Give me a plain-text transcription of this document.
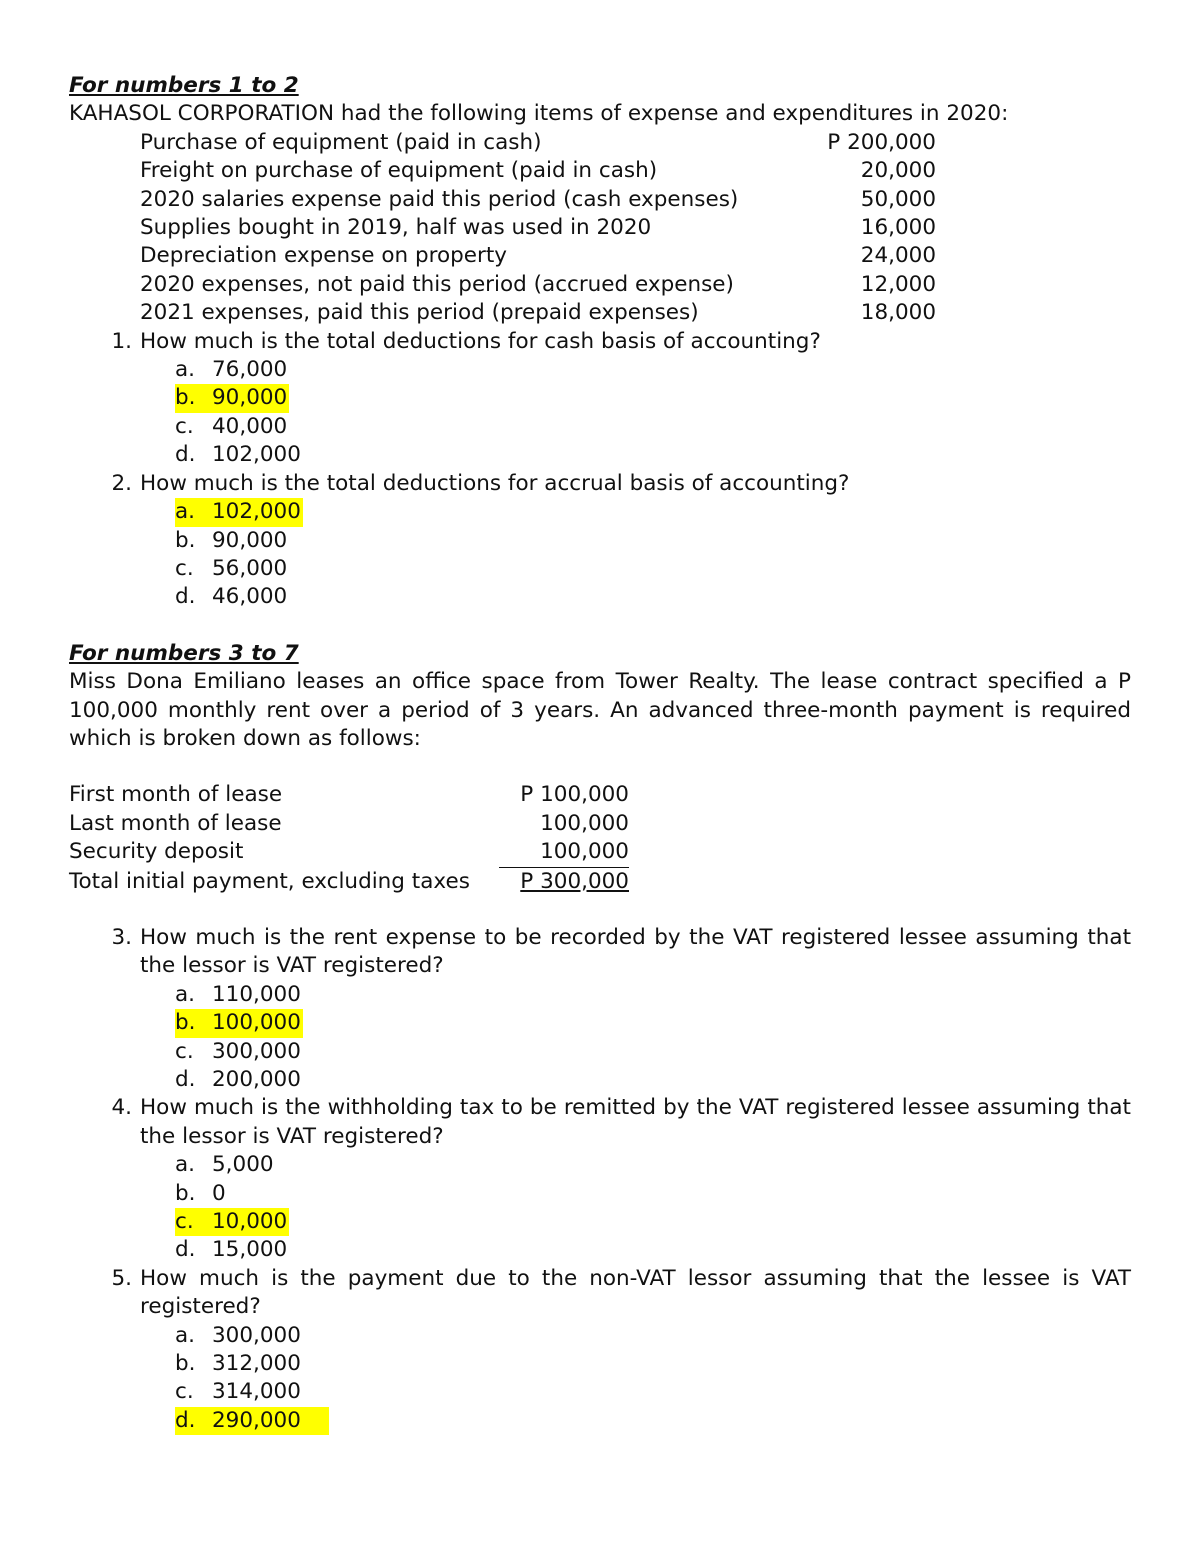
For numbers 1 to 2

KAHASOL CORPORATION had the following items of expense and expenditures in 2020:

Purchase of equipment (paid in cash)	P 200,000
Freight on purchase of equipment (paid in cash)	20,000
2020 salaries expense paid this period (cash expenses)	50,000
Supplies bought in 2019, half was used in 2020	16,000
Depreciation expense on property	24,000
2020 expenses, not paid this period (accrued expense)	12,000
2021 expenses, paid this period (prepaid expenses)	18,000
1. How much is the total deductions for cash basis of accounting?
a. 76,000
b. 90,000
c. 40,000
d. 102,000
2. How much is the total deductions for accrual basis of accounting?
a. 102,000
b. 90,000
c. 56,000
d. 46,000
For numbers 3 to 7

Miss Dona Emiliano leases an office space from Tower Realty. The lease contract specified a P 100,000 monthly rent over a period of 3 years. An advanced three-month payment is required which is broken down as follows:

First month of lease	P 100,000
Last month of lease	100,000
Security deposit	100,000
Total initial payment, excluding taxes	P 300,000
3. How much is the rent expense to be recorded by the VAT registered lessee assuming that the lessor is VAT registered?
a. 110,000
b. 100,000
c. 300,000
d. 200,000
4. How much is the withholding tax to be remitted by the VAT registered lessee assuming that the lessor is VAT registered?
a. 5,000
b. 0
c. 10,000
d. 15,000
5. How much is the payment due to the non-VAT lessor assuming that the lessee is VAT registered?
a. 300,000
b. 312,000
c. 314,000
d. 290,000
